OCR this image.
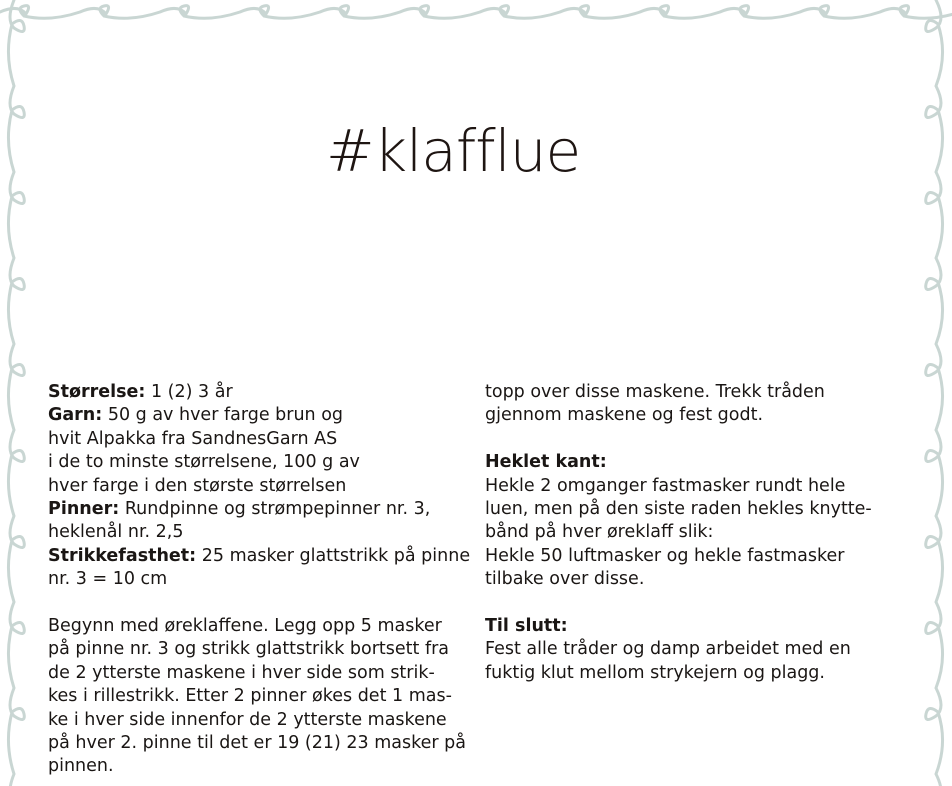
#klafflue

Størrelse: 1 (2) 3 år

Garn: 50 g av hver farge brun og

hvit Alpakka fra SandnesGarn AS

i de to minste størrelsene, 100 g av

hver farge i den største størrelsen

Pinner: Rundpinne og strømpepinner nr. 3,

heklenål nr. 2,5

Strikkefasthet: 25 masker glattstrikk på pinne

nr. 3 = 10 cm

Begynn med øreklaffene. Legg opp 5 masker

på pinne nr. 3 og strikk glattstrikk bortsett fra

de 2 ytterste maskene i hver side som strik-

kes i rillestrikk. Etter 2 pinner økes det 1 mas-

ke i hver side innenfor de 2 ytterste maskene

på hver 2. pinne til det er 19 (21) 23 masker på

pinnen.

topp over disse maskene. Trekk tråden

gjennom maskene og fest godt.

Heklet kant:

Hekle 2 omganger fastmasker rundt hele

luen, men på den siste raden hekles knytte-

bånd på hver øreklaff slik:

Hekle 50 luftmasker og hekle fastmasker

tilbake over disse.

Til slutt:

Fest alle tråder og damp arbeidet med en

fuktig klut mellom strykejern og plagg.
